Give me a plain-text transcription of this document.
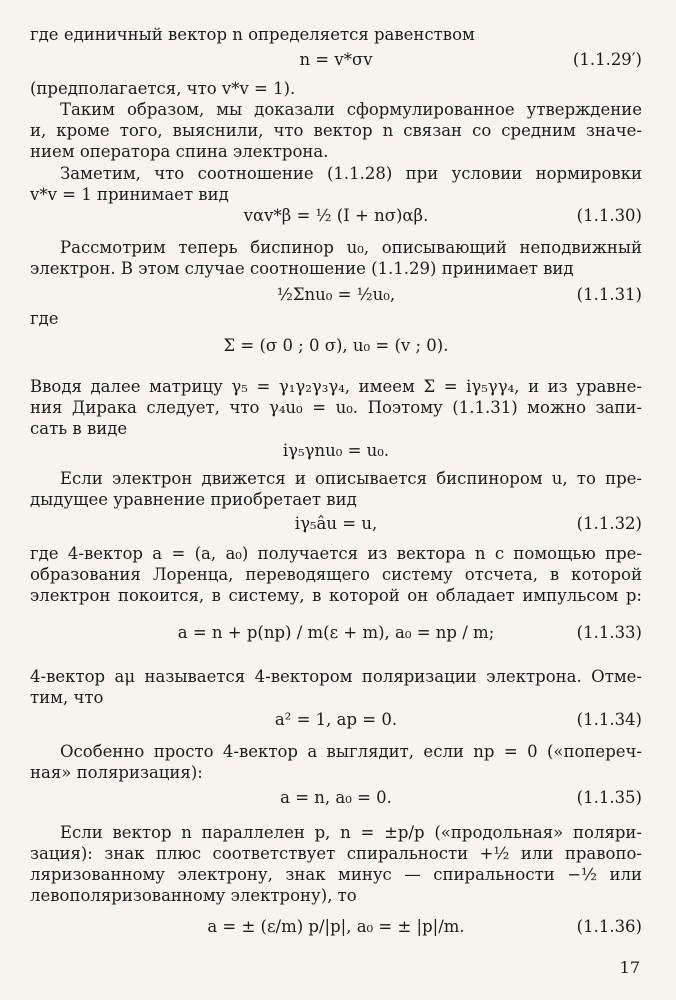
где единичный вектор n определяется равенством
n = v*σv	(1.1.29′)
(предполагается, что v*v = 1).
Таким образом, мы доказали сформулированное утверждение
и, кроме того, выяснили, что вектор n связан со средним значе-
нием оператора спина электрона.
Заметим, что соотношение (1.1.28) при условии нормировки
v*v = 1 принимает вид
vαv*β = ½ (I + nσ)αβ.	(1.1.30)
Рассмотрим теперь биспинор u₀, описывающий неподвижный
электрон. В этом случае соотношение (1.1.29) принимает вид
½Σnu₀ = ½u₀,	(1.1.31)
где
Σ = (σ 0 ; 0 σ), u₀ = (v ; 0).
Вводя далее матрицу γ₅ = γ₁γ₂γ₃γ₄, имеем Σ = iγ₅γγ₄, и из уравне-
ния Дирака следует, что γ₄u₀ = u₀. Поэтому (1.1.31) можно запи-
сать в виде
iγ₅γnu₀ = u₀.
Если электрон движется и описывается биспинором u, то пре-
дыдущее уравнение приобретает вид
iγ₅âu = u,	(1.1.32)
где 4-вектор a = (a, a₀) получается из вектора n с помощью пре-
образования Лоренца, переводящего систему отсчета, в которой
электрон покоится, в систему, в которой он обладает импульсом p:
a = n + p(np) / m(ε + m), a₀ = np / m;	(1.1.33)
4-вектор aμ называется 4-вектором поляризации электрона. Отме-
тим, что
a² = 1, ap = 0.	(1.1.34)
Особенно просто 4-вектор a выглядит, если np = 0 («попереч-
ная» поляризация):
a = n, a₀ = 0.	(1.1.35)
Если вектор n параллелен p, n = ±p/p («продольная» поляри-
зация): знак плюс соответствует спиральности +½ или правопо-
ляризованному электрону, знак минус — спиральности −½ или
левополяризованному электрону), то
a = ± (ε/m) p/|p|, a₀ = ± |p|/m.	(1.1.36)
17
